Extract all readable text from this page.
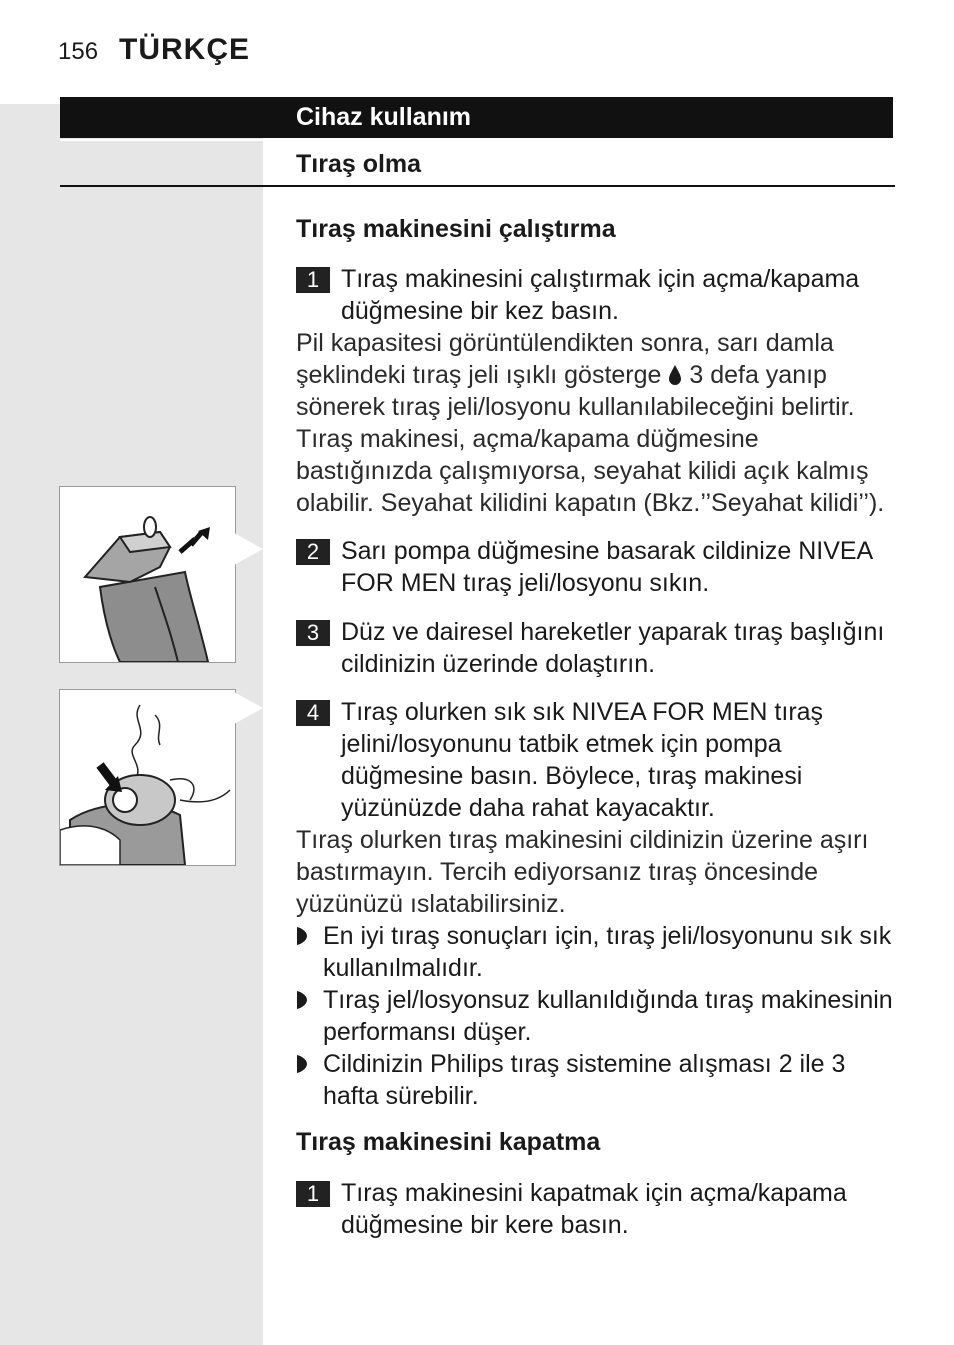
156 TÜRKÇE
Cihaz kullanım
Tıraş olma
Tıraş makinesini çalıştırma
1 Tıraş makinesini çalıştırmak için açma/kapama düğmesine bir kez basın.
Pil kapasitesi görüntülendikten sonra, sarı damla şeklindeki tıraş jeli ışıklı gösterge 3 defa yanıp sönerek tıraş jeli/losyonu kullanılabileceğini belirtir.
Tıraş makinesi, açma/kapama düğmesine bastığınızda çalışmıyorsa, seyahat kilidi açık kalmış olabilir. Seyahat kilidini kapatın (Bkz.’’Seyahat kilidi’’).
2 Sarı pompa düğmesine basarak cildinize NIVEA FOR MEN tıraş jeli/losyonu sıkın.
3 Düz ve dairesel hareketler yaparak tıraş başlığını cildinizin üzerinde dolaştırın.
4 Tıraş olurken sık sık NIVEA FOR MEN tıraş jelini/losyonunu tatbik etmek için pompa düğmesine basın. Böylece, tıraş makinesi yüzünüzde daha rahat kayacaktır.
Tıraş olurken tıraş makinesini cildinizin üzerine aşırı bastırmayın. Tercih ediyorsanız tıraş öncesinde yüzünüzü ıslatabilirsiniz.
En iyi tıraş sonuçları için, tıraş jeli/losyonunu sık sık kullanılmalıdır.
Tıraş jel/losyonsuz kullanıldığında tıraş makinesinin performansı düşer.
Cildinizin Philips tıraş sistemine alışması 2 ile 3 hafta sürebilir.
Tıraş makinesini kapatma
1 Tıraş makinesini kapatmak için açma/kapama düğmesine bir kere basın.
